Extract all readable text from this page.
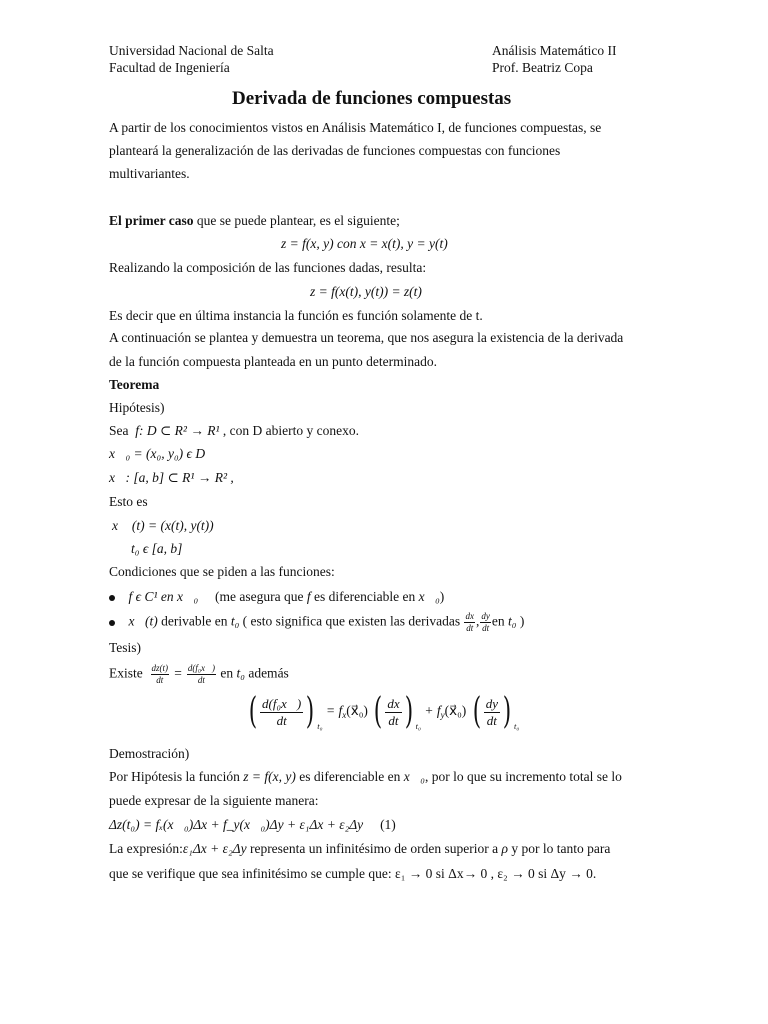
Universidad Nacional de Salta
Facultad de Ingeniería
Análisis Matemático II
Prof. Beatriz Copa
Derivada de funciones compuestas
A partir de los conocimientos vistos en Análisis Matemático I, de funciones compuestas, se
planteará la generalización de las derivadas de funciones compuestas con funciones
multivariantes.
El primer caso que se puede plantear, es el siguiente;
z = f(x, y) con x = x(t), y = y(t)
Realizando la composición de las funciones dadas, resulta:
z = f(x(t), y(t)) = z(t)
Es decir que en última instancia la función es función solamente de t.
A continuación se plantea y demuestra un teorema, que nos asegura la existencia de la derivada
de la función compuesta planteada en un punto determinado.
Teorema
Hipótesis)
Sea f: D ⊂ R² → R¹ , con D abierto y conexo.
x⃗₀ = (x₀, y₀) ϵ D
x⃗: [a, b] ⊂ R¹ → R² ,
Esto es
x⃗ (t) = (x(t), y(t))
t₀ ϵ [a, b]
Condiciones que se piden a las funciones:
f ϵ C¹ en x⃗₀ (me asegura que f es diferenciable en x⃗₀)
x⃗(t) derivable en t₀ ( esto significa que existen las derivadas $\frac{dx}{dt}$ , $\frac{dy}{dt}$ en t₀ )
Tesis)
Existe $\frac{dz(t)}{dt} = \frac{\text{d(f₀x⃗)}}{dt}$ en t₀ además
( $\frac{\text{d(f₀x⃗)}}{dt}$ ) $_{t_0} = f_x(x⃗_0)$ ( $\frac{dx}{dt}$ ) $_{t_0} + f_y(x⃗_0)$ ( $\frac{dy}{dt}$ ) $_{t_0}$
Demostración)
Por Hipótesis la función z = f(x, y) es diferenciable en x⃗₀, por lo que su incremento total se lo
puede expresar de la siguiente manera:
Δz(t₀) = fₓ(x⃗₀)Δx + f_y(x⃗₀)Δy + ε₁Δx + ε₂Δy (1)
La expresión:ε₁Δx + ε₂Δy representa un infinitésimo de orden superior a ρ y por lo tanto para
que se verifique que sea infinitésimo se cumple que: ε₁ → 0 si Δx→ 0 , ε₂ → 0 si Δy → 0.
